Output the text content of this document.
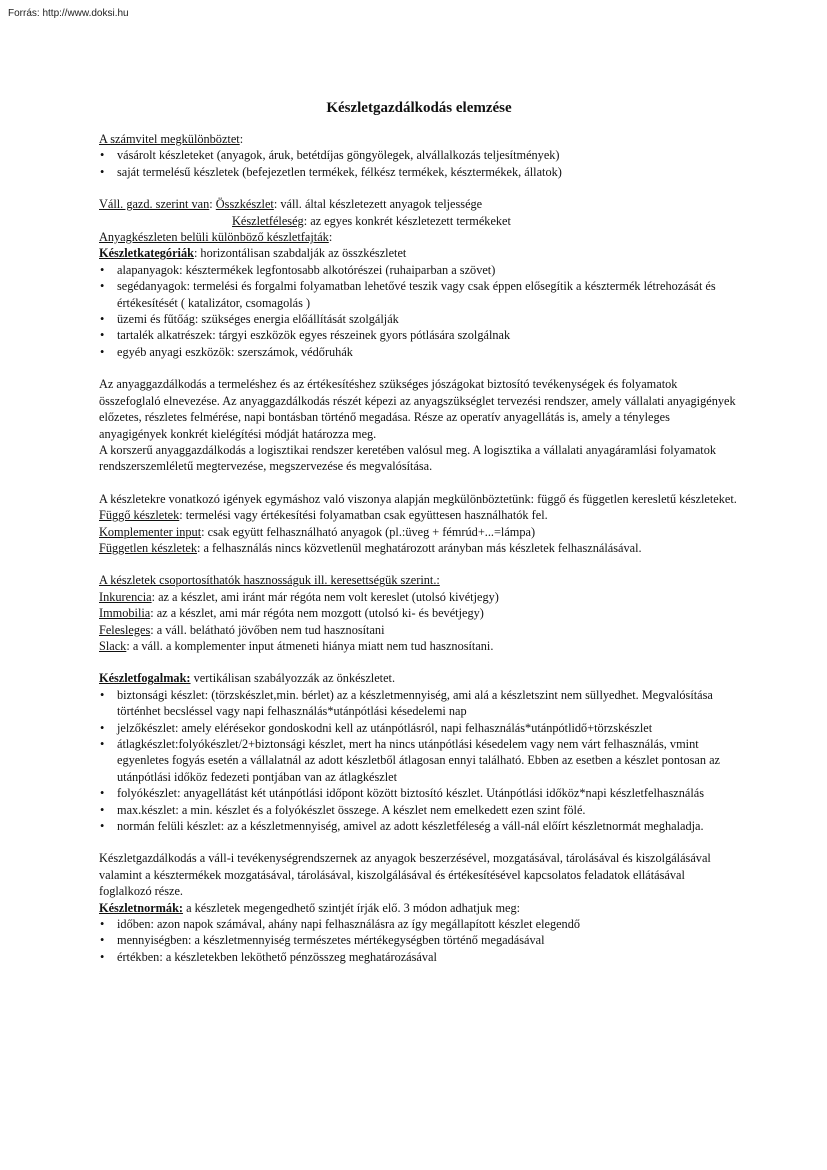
Forrás: http://www.doksi.hu
Készletgazdálkodás elemzése

A számvitel megkülönböztet:

• vásárolt készleteket (anyagok, áruk, betétdíjas göngyölegek, alvállalkozás teljesítmények)
• saját termelésű készletek (befejezetlen termékek, félkész termékek, késztermékek, állatok)

Váll. gazd. szerint van: Összkészlet: váll. által készletezett anyagok teljessége

Készletféleség: az egyes konkrét készletezett termékeket

Anyagkészleten belüli különböző készletfajták:

Készletkategóriák: horizontálisan szabdalják az összkészletet

• alapanyagok: késztermékek legfontosabb alkotórészei (ruhaiparban a szövet)
• segédanyagok: termelési és forgalmi folyamatban lehetővé teszik vagy csak éppen elősegítik a késztermék létrehozását és értékesítését ( katalizátor, csomagolás )
• üzemi és fűtőág: szükséges energia előállítását szolgálják
• tartalék alkatrészek: tárgyi eszközök egyes részeinek gyors pótlására szolgálnak
• egyéb anyagi eszközök: szerszámok, védőruhák

Az anyaggazdálkodás a termeléshez és az értékesítéshez szükséges jószágokat biztosító tevékenységek és folyamatok összefoglaló elnevezése. Az anyaggazdálkodás részét képezi az anyagszükséglet tervezési rendszer, amely vállalati anyagigények előzetes, részletes felmérése, napi bontásban történő megadása. Része az operatív anyagellátás is, amely a tényleges anyagigények konkrét kielégítési módját határozza meg.

A korszerű anyaggazdálkodás a logisztikai rendszer keretében valósul meg. A logisztika a vállalati anyagáramlási folyamatok rendszerszemléletű megtervezése, megszervezése és megvalósítása.

A készletekre vonatkozó igények egymáshoz való viszonya alapján megkülönböztetünk: függő és független keresletű készleteket.

Függő készletek: termelési vagy értékesítési folyamatban csak együttesen használhatók fel.

Komplementer input: csak együtt felhasználható anyagok (pl.:üveg + fémrúd+...=lámpa)

Független készletek: a felhasználás nincs közvetlenül meghatározott arányban más készletek felhasználásával.

A készletek csoportosíthatók hasznosságuk ill. keresettségük szerint.:

Inkurencia: az a készlet, ami iránt már régóta nem volt kereslet (utolsó kivétjegy)

Immobilia: az a készlet, ami már régóta nem mozgott (utolsó ki- és bevétjegy)

Felesleges: a váll. belátható jövőben nem tud hasznosítani

Slack: a váll. a komplementer input átmeneti hiánya miatt nem tud hasznosítani.

Készletfogalmak: vertikálisan szabályozzák az önkészletet.

• biztonsági készlet: (törzskészlet,min. bérlet) az a készletmennyiség, ami alá a készletszint nem süllyedhet. Megvalósítása történhet becsléssel vagy napi felhasználás*utánpótlási késedelemi nap
• jelzőkészlet: amely elérésekor gondoskodni kell az utánpótlásról, napi felhasználás*utánpótlidő+törzskészlet
• átlagkészlet:folyókészlet/2+biztonsági készlet, mert ha nincs utánpótlási késedelem vagy nem várt felhasználás, vmint egyenletes fogyás esetén a vállalatnál az adott készletből átlagosan ennyi található. Ebben az esetben a készlet pontosan az utánpótlási időköz fedezeti pontjában van az átlagkészlet
• folyókészlet: anyagellátást két utánpótlási időpont között biztosító készlet. Utánpótlási időköz*napi készletfelhasználás
• max.készlet: a min. készlet és a folyókészlet összege. A készlet nem emelkedett ezen szint fölé.
• normán felüli készlet: az a készletmennyiség, amivel az adott készletféleség a váll-nál előírt készletnormát meghaladja.

Készletgazdálkodás a váll-i tevékenységrendszernek az anyagok beszerzésével, mozgatásával, tárolásával és kiszolgálásával valamint a késztermékek mozgatásával, tárolásával, kiszolgálásával és értékesítésével kapcsolatos feladatok ellátásával foglalkozó része.

Készletnormák: a készletek megengedhető szintjét írják elő. 3 módon adhatjuk meg:

• időben: azon napok számával, ahány napi felhasználásra az így megállapított készlet elegendő
• mennyiségben: a készletmennyiség természetes mértékegységben történő megadásával
• értékben: a készletekben leköthető pénzösszeg meghatározásával
